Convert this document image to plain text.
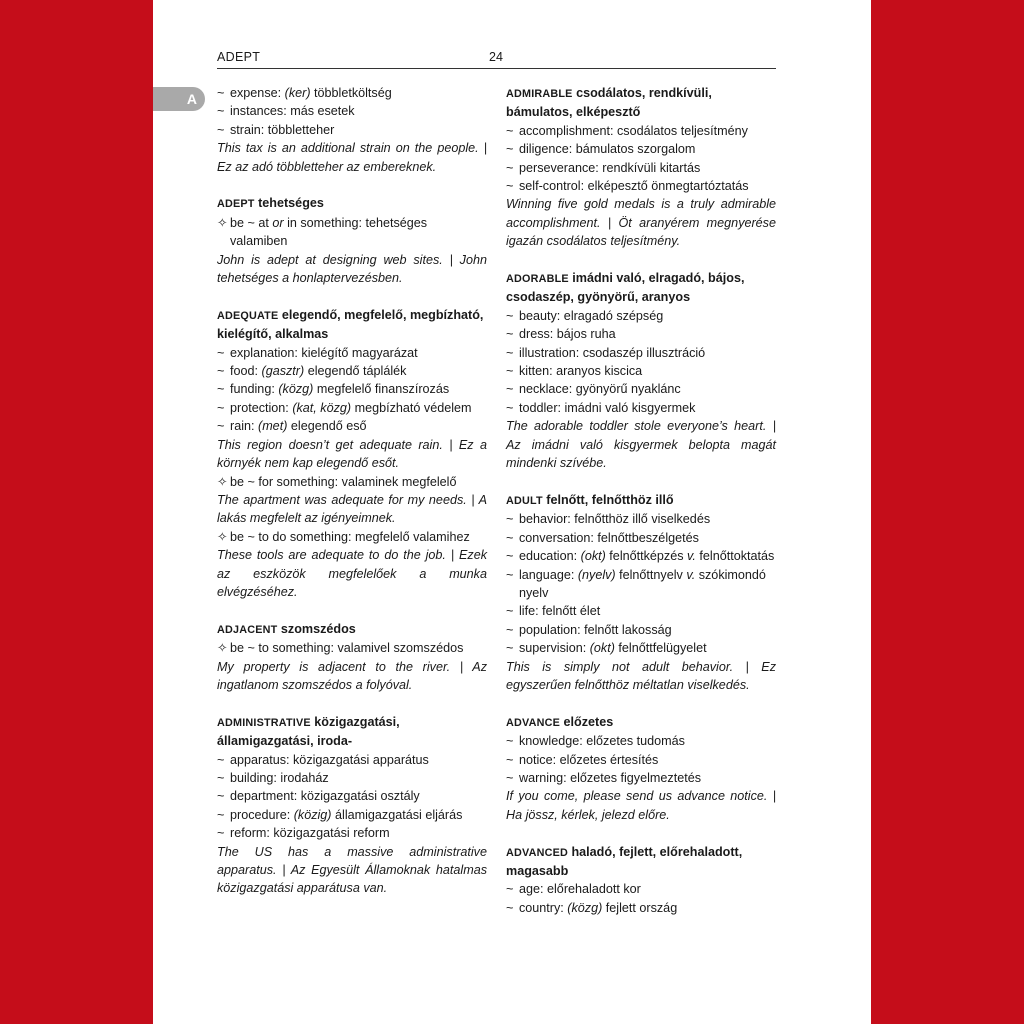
ADEPT	24
A	~ expense: (ker) többletköltség
~ instances: más esetek
~ strain: többletteher
This tax is an additional strain on the people. | Ez az adó többletteher az embereknek.
ADEPT tehetséges
✧ be ~ at or in something: tehetséges valamiben
John is adept at designing web sites. | John tehetséges a honlaptervezésben.
ADEQUATE elegendő, megfelelő, megbízható, kielégítő, alkalmas
~ explanation: kielégítő magyarázat
~ food: (gasztr) elegendő táplálék
~ funding: (közg) megfelelő finanszírozás
~ protection: (kat, közg) megbízható védelem
~ rain: (met) elegendő eső
This region doesn’t get adequate rain. | Ez a környék nem kap elegendő esőt.
✧ be ~ for something: valaminek megfelelő
The apartment was adequate for my needs. | A lakás megfelelt az igényeimnek.
✧ be ~ to do something: megfelelő valamihez
These tools are adequate to do the job. | Ezek az eszközök megfelelőek a munka elvégzéséhez.
ADJACENT szomszédos
✧ be ~ to something: valamivel szomszédos
My property is adjacent to the river. | Az ingatlanom szomszédos a folyóval.
ADMINISTRATIVE közigazgatási, államigazgatási, iroda-
~ apparatus: közigazgatási apparátus
~ building: irodaház
~ department: közigazgatási osztály
~ procedure: (közig) államigazgatási eljárás
~ reform: közigazgatási reform
The US has a massive administrative apparatus. | Az Egyesült Államoknak hatalmas közigazgatási apparátusa van.
ADMIRABLE csodálatos, rendkívüli, bámulatos, elképesztő
~ accomplishment: csodálatos teljesítmény
~ diligence: bámulatos szorgalom
~ perseverance: rendkívüli kitartás
~ self-control: elképesztő önmegtartóztatás
Winning five gold medals is a truly admirable accomplishment. | Öt aranyérem megnyerése igazán csodálatos teljesítmény.
ADORABLE imádni való, elragadó, bájos, csodaszép, gyönyörű, aranyos
~ beauty: elragadó szépség
~ dress: bájos ruha
~ illustration: csodaszép illusztráció
~ kitten: aranyos kiscica
~ necklace: gyönyörű nyaklánc
~ toddler: imádni való kisgyermek
The adorable toddler stole everyone’s heart. | Az imádni való kisgyermek belopta magát mindenki szívébe.
ADULT felnőtt, felnőtthöz illő
~ behavior: felnőtthöz illő viselkedés
~ conversation: felnőttbeszélgetés
~ education: (okt) felnőttképzés v. felnőttoktatás
~ language: (nyelv) felnőttnyelv v. szókimondó nyelv
~ life: felnőtt élet
~ population: felnőtt lakosság
~ supervision: (okt) felnőttfelügyelet
This is simply not adult behavior. | Ez egyszerűen felnőtthöz méltatlan viselkedés.
ADVANCE előzetes
~ knowledge: előzetes tudomás
~ notice: előzetes értesítés
~ warning: előzetes figyelmeztetés
If you come, please send us advance notice. | Ha jössz, kérlek, jelezd előre.
ADVANCED haladó, fejlett, előrehaladott, magasabb
~ age: előrehaladott kor
~ country: (közg) fejlett ország
